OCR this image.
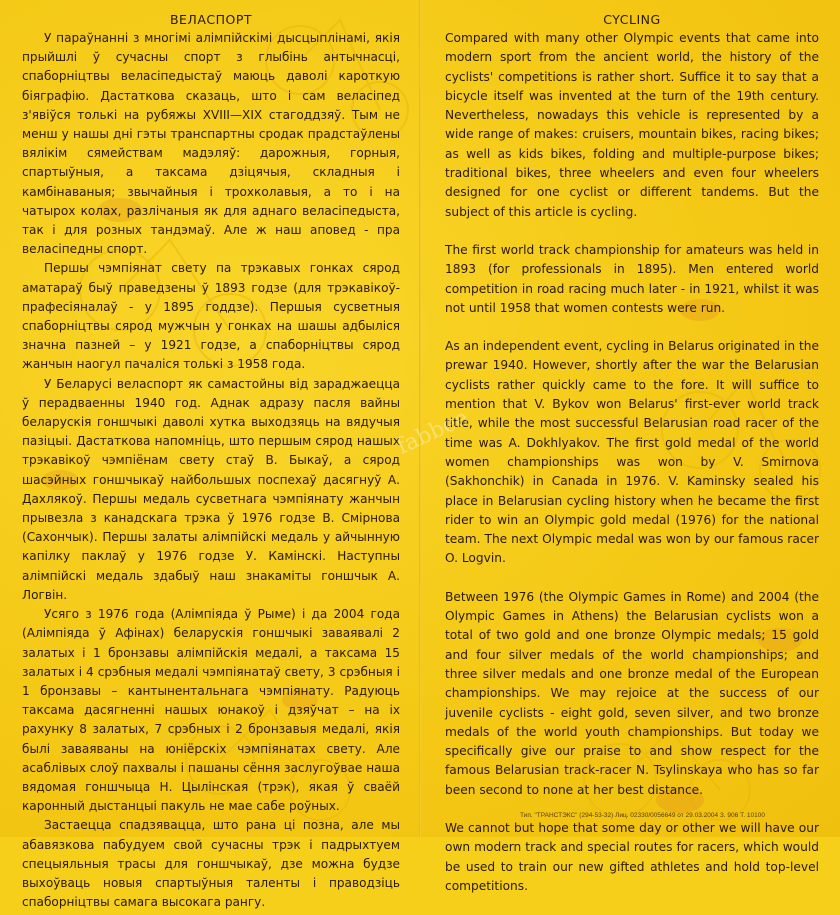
ВЕЛАСПОРТ

У параўнанні з многімі алімпійскімі дысцыплінамі, якія прыйшлі ў сучасны спорт з глыбінь антычнасці, спаборніцтвы веласіпедыстаў маюць даволі кароткую біяграфію. Дастаткова сказаць, што і сам веласіпед з'явіўся толькі на рубяжы XVIII—XIX стагоддзяў. Тым не менш у нашы дні гэты транспартны сродак прадстаўлены вялікім сямействам мадэляў: дарожныя, горныя, спартыўныя, а таксама дзіцячыя, складныя і камбінаваныя; звычайныя і трохколавыя, а то і на чатырох колах, разлічаныя як для аднаго веласіпедыста, так і для розных тандэмаў. Але ж наш аповед - пра веласіпедны спорт.

Першы чэмпіянат свету па трэкавых гонках сярод аматараў быў праведзены ў 1893 годзе (для трэкавікоў-прафесіяналаў - у 1895 годдзе). Першыя сусветныя спаборніцтвы сярод мужчын у гонках на шашы адбыліся значна пазней – у 1921 годзе, а спаборніцтвы сярод жанчын наогул пачаліся толькі з 1958 года.

У Беларусі веласпорт як самастойны від зараджаецца ў перадваенны 1940 год. Аднак адразу пасля вайны беларускія гоншчыкі даволі хутка выходзяць на вядучыя пазіцыі. Дастаткова напомніць, што першым сярод нашых трэкавікоў чэмпіёнам свету стаў В. Быкаў, а сярод шасэйных гоншчыкаў найбольшых поспехаў дасягнуў А. Дахлякоў. Першы медаль сусветнага чэмпіянату жанчын прывезла з канадскага трэка ў 1976 годзе В. Смірнова (Сахончык). Першы залаты алімпійскі медаль у айчынную капілку паклаў у 1976 годзе У. Камінскі. Наступны алімпійскі медаль здабыў наш знакаміты гоншчык А. Логвін.

Усяго з 1976 года (Алімпіяда ў Рыме) і да 2004 года (Алімпіяда ў Афінах) беларускія гоншчыкі заваявалі 2 залатых і 1 бронзавы алімпійскія медалі, а таксама 15 залатых і 4 срэбныя медалі чэмпіянатаў свету, 3 срэбныя і 1 бронзавы – кантынентальнага чэмпіянату. Радуюць таксама дасягненні нашых юнакоў і дзяўчат – на іх рахунку 8 залатых, 7 срэбных і 2 бронзавыя медалі, якія былі заваяваны на юніёрскіх чэмпіянатах свету. Але асаблівых слоў пахвалы і пашаны сёння заслугоўвае наша вядомая гоншчыца Н. Цылінская (трэк), якая ў сваёй каронный дыстанцыі пакуль не мае сабе роўных.

Застаецца спадзявацца, што рана ці позна, але мы абавязкова пабудуем свой сучасны трэк і падрыхтуем спецыяльныя трасы для гоншчыкаў, дзе можна будзе выхоўваць новыя спартыўныя таленты і праводзіць спаборніцтвы самага высокага рангу.

CYCLING

Compared with many other Olympic events that came into modern sport from the ancient world, the history of the cyclists' competitions is rather short. Suffice it to say that a bicycle itself was invented at the turn of the 19th century. Nevertheless, nowadays this vehicle is represented by a wide range of makes: cruisers, mountain bikes, racing bikes; as well as kids bikes, folding and multiple-purpose bikes; traditional bikes, three wheelers and even four wheelers designed for one cyclist or different tandems. But the subject of this article is cycling.

The first world track championship for amateurs was held in 1893 (for professionals in 1895). Men entered world competition in road racing much later - in 1921, whilst it was not until 1958 that women contests were run.

As an independent event, cycling in Belarus originated in the prewar 1940. However, shortly after the war the Belarusian cyclists rather quickly came to the fore. It will suffice to mention that V. Bykov won Belarus' first-ever world track title, while the most successful Belarusian road racer of the time was A. Dokhlyakov. The first gold medal of the world women championships was won by V. Smirnova (Sakhonchik) in Canada in 1976. V. Kaminsky sealed his place in Belarusian cycling history when he became the first rider to win an Olympic gold medal (1976) for the national team. The next Olympic medal was won by our famous racer O. Logvin.

Between 1976 (the Olympic Games in Rome) and 2004 (the Olympic Games in Athens) the Belarusian cyclists won a total of two gold and one bronze Olympic medals; 15 gold and four silver medals of the world championships; and three silver medals and one bronze medal of the European championships. We may rejoice at the success of our juvenile cyclists - eight gold, seven silver, and two bronze medals of the world youth championships. But today we specifically give our praise to and show respect for the famous Belarusian track-racer N. Tsylinskaya who has so far been second to none at her best distance.

We cannot but hope that some day or other we will have our own modern track and special routes for racers, which would be used to train our new gifted athletes and hold top-level competitions.

fabbee
Тип. "ТРАНСТЭКС" (294-53-32) Лиц. 02330/0056649 от 29.03.2004 З. 906 Т. 10100
